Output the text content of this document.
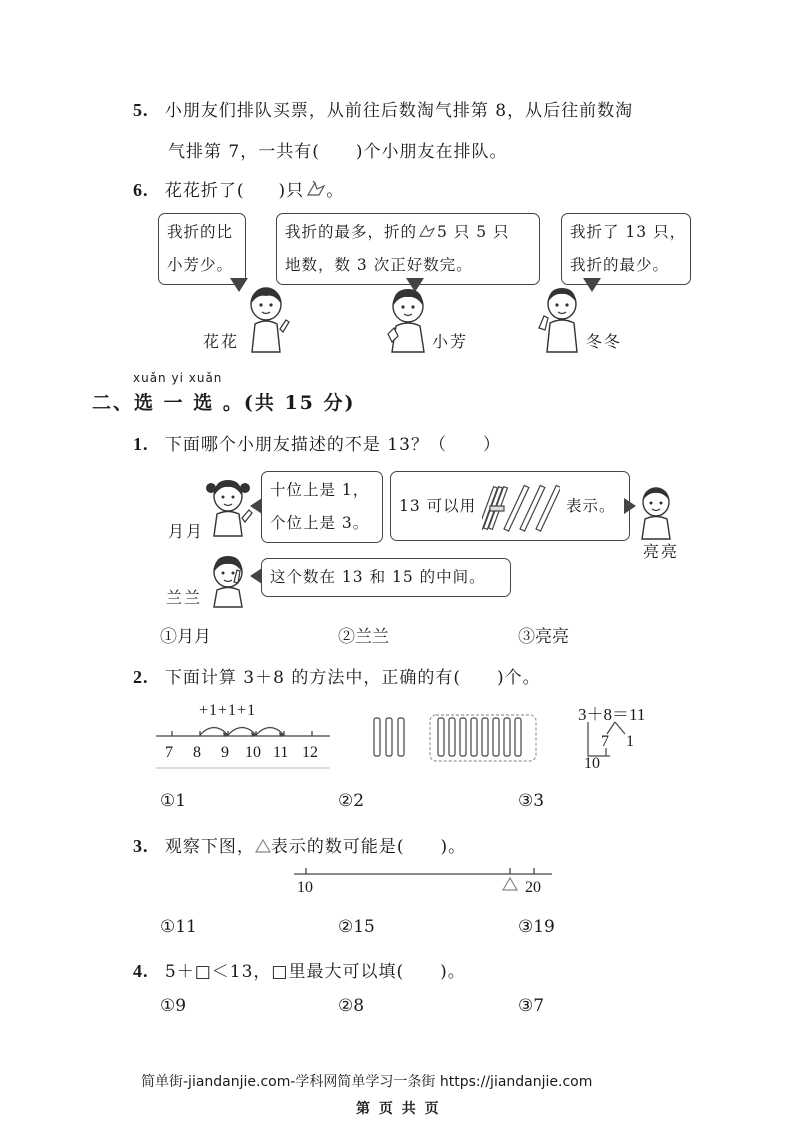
5. 小朋友们排队买票，从前往后数淘气排第 8，从后往前数淘
气排第 7，一共有( )个小朋友在排队。
6. 花花折了( )只 。
我折的比
小芳少。
我折的最多，折的 5 只 5 只
地数，数 3 次正好数完。
我折了 13 只，
我折的最少。
花花	小芳	冬冬
xuǎn yi xuǎn
二、选 一 选 。(共 15 分)
1. 下面哪个小朋友描述的不是 13？（　　）
月月
十位上是 1，
个位上是 3。
13 可以用	表示。
亮亮
兰兰
这个数在 13 和 15 的中间。
①月月	②兰兰	③亮亮
2. 下面计算 3＋8 的方法中，正确的有(　　)个。
+1+1+1
7 8 9 10 11 12
3＋8＝11
7 1
10
①1	②2	③3
3. 观察下图， 表示的数可能是(　　)。
10	20
①11	②15	③19
4. 5＋□＜13，□里最大可以填(　　)。
①9	②8	③7
简单街-jiandanjie.com-学科网简单学习一条街 https://jiandanjie.com
第 页 共 页
